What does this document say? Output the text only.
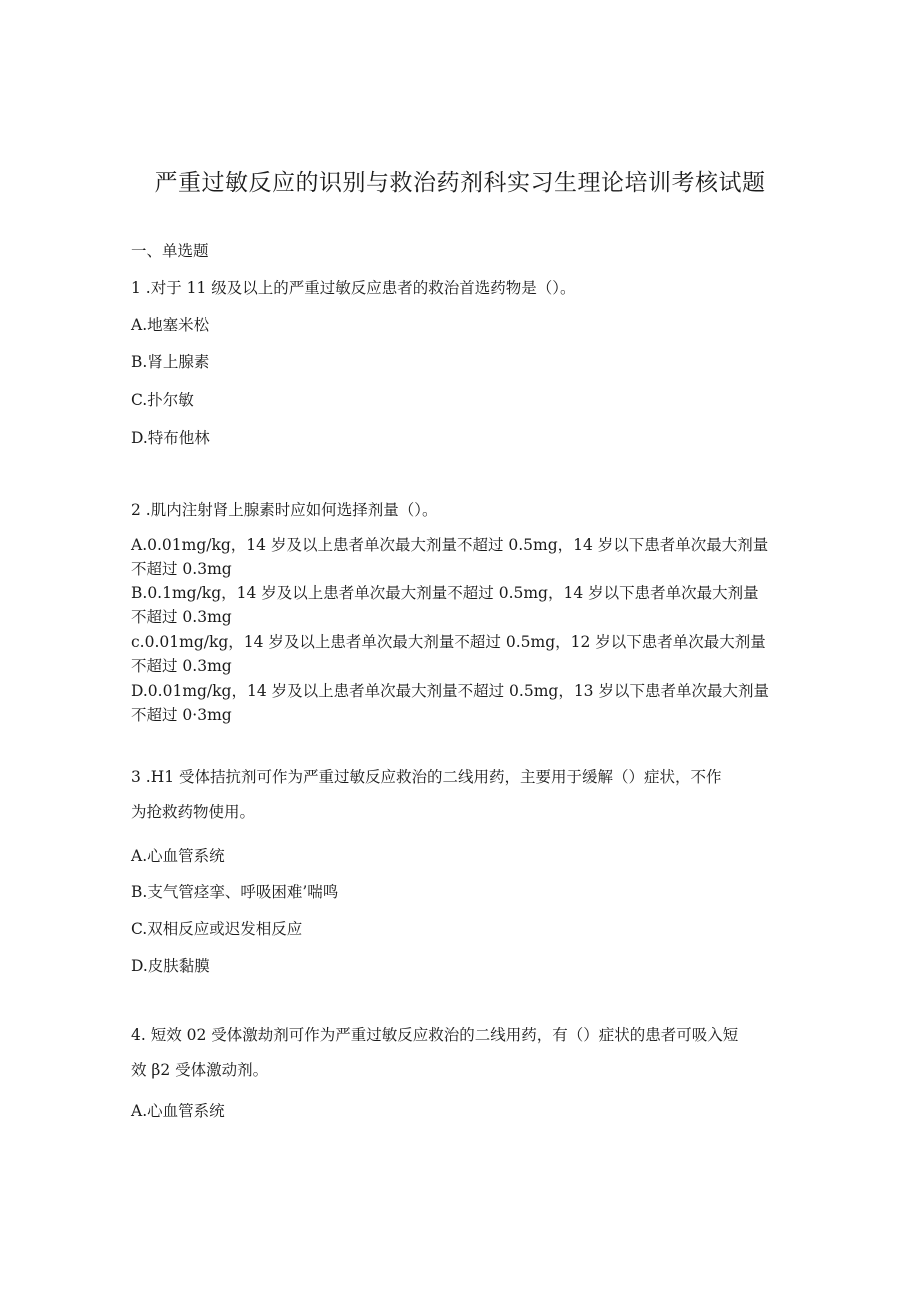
严重过敏反应的识别与救治药剂科实习生理论培训考核试题
一、单选题
1 .对于 11 级及以上的严重过敏反应患者的救治首选药物是（）。
A.地塞米松
B.肾上腺素
C.扑尔敏
D.特布他林
2 .肌内注射肾上腺素时应如何选择剂量（）。
A.0.01mg/kg，14 岁及以上患者单次最大剂量不超过 0.5mg，14 岁以下患者单次最大剂量
不超过 0.3mg
B.0.1mg/kg，14 岁及以上患者单次最大剂量不超过 0.5mg，14 岁以下患者单次最大剂量
不超过 0.3mg
c.0.01mg/kg，14 岁及以上患者单次最大剂量不超过 0.5mg，12 岁以下患者单次最大剂量
不超过 0.3mg
D.0.01mg/kg，14 岁及以上患者单次最大剂量不超过 0.5mg，13 岁以下患者单次最大剂量
不超过 0·3mg
3 .H1 受体拮抗剂可作为严重过敏反应救治的二线用药，主要用于缓解（）症状，不作
为抢救药物使用。
A.心血管系统
B.支气管痉挛、呼吸困难’喘鸣
C.双相反应或迟发相反应
D.皮肤黏膜
4. 短效 02 受体激劫剂可作为严重过敏反应救治的二线用药，有（）症状的患者可吸入短
效 β2 受体激动剂。
A.心血管系统
